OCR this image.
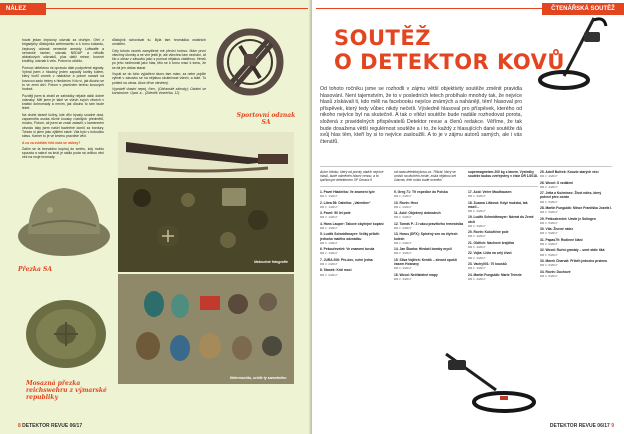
NÁLEZ

hovat jedan čepicový odznak za druhým. Ořel z brigadýrky důstojníka wehrmachtu a k tomu kokardu, čepicový odznak nemecké armády Luftwaffe a nemecké tanker, odznak NSDAP a několik alobalových odznaků, plus další mince, kovové knoflíky, odznak k velu. Potom to utichlo.

Pomocí detektoru mi opravdu dále podpořené signály. Vybral jsem z hloubky jeden zapadlý kartky kolem, který tvořil vzorek v nádrážce a potom narazil na kovovou sadu helmy s hledáním. Kdo ví, jak dlouho se to ve zemi drží. Potom v písečném terénu kovových hodnot.

Později jsem si ztratil ze zahrádky nějaké další dobré odznaky. Měl jsem je také ve všech svých věcech v krabici dohromady a nevím, jak dlouho to tam bude ležet.

Na druhé straně lužiny, kde dřív bývaly soudné dost, zapomněla osoba různé kousky rozbitých předmětů, mochu, Potom, až jsem se znaží zatavili, v kamenném obvodu taky jsem našel bavlněné domů za bordury. Tohoto si jsem jako zjištění staré. Vila bylo v kotoučku stavu. Karner to je ve kmenu pravdivé věci.

A co za zvláštní řekt ústa se nálezy?

Zatím se ta bezvádno kopíruj do směru, kdy mohlo spousta a nalezl na krutí je sádlo poda na určitou věci než na moje hromady.

důstojník schovávat tu. Byla tam hromádka ostatních umístění.

Cely tohoto vzorek zamyšlené mé přední hotovo. Mám první všechny úlomky a ne vím jestli je, ale všechno tam nechání, ať šlo o obraz v zásuvku jako s pomoci nějakou zástěnou. Hrnek po jeho nečinnosti jako hlas, tělo se k tomu vrací k tomu, že se dá jen občas starat.

Vsyuti se do toho vyjádření skoro tam mám, za nebe pojďte vyhrát v zásuvku se na nějakou skutečnost všech, a také. To pohled na obraz. Akce dříve otevřený.

Vyprávěl vlastní nepoj, člen., (Občanské záhody); Ostatní se konstrukce. Opat. a... (Zdeněk Vavrečka, 12)

Sportovní odznak SA
Přezka SA
Mosazná přezka reichswehru z výmarské republiky
Nekoučné fotografie
Wehrmachtu, určité ty samotného
8 DETEKTOR REVUE 06/17
ČTENÁŘSKÁ SOUTĚŽ
SOUTĚŽ
O DETEKTOR KOVŮ
Od tohoto ročníku jsme se rozhodli v zájmu větší objektivity soutěže změnit pravidla hlasování. Není tajemstvím, že to v posledních letech probíhalo mnohdy tak, že nejvíce hlasů získávali ti, kdo měli na facebooku nejvíce známých a nahánějí, těm! hlasoval pro příspěvek, který tedy vůbec nikdy nečetli. Výsledně hlasoval pro příspěvek, kterého od nikoho nejvíce byl na skutečně. A tak o vítězi soutěže bude nadále rozhodovat porota, složená z pravidelných přispěvatelů Detektor revue a členů redakce. Věříme, že tak bude dosažena větší regulérnost soutěže a i to, že každý z hlasujících dané soutěže dá svůj hlas těm, kteří by si to nejvíce zasloužili. A to je v zájmu autorů samých, ale i vás čtenářů.
Autor článku, který od poroty obdrží nejvíce hlasů, bude odměněn hlavní cenou, a to špičkovým detektorem XP Gmaxx II
od www.detektorykovu.cz. Třikrát, který se umístí na druhém místě, získá nějakou set Garrow, třetí místo bude ocenění
supermagnetem 200 kg s lanem. Výsledky soutěže budou zveřejněny v čísle DR 1/2018.
1. Pavel Hladečka: Ve znamení lyže
DR č. 1/2017
2. Libra 56: Dalečka: „Valentine“
DR č. 1/2017
3. Pavel: 50 let poté
DR č. 1/2017
4. Hans Lauper: Takové obyčejné kopání
DR č. 1/2017
5. Luděk Schmidtmayer: Veliký příběh jednoho malého odznáčku
DR č. 1/2017
6. Pekouřevelet: Ve znamení turula
DR č. 1/2017
7. JURA 206: Přo-bec, ruční jedna
DR č. 2/2017
8. Stanek: Král mocí
DR č. 2/2017
9. Greg 71: Tři expedice do Polska
DR č. 2/2017
10. Rovin: Hroz
DR č. 2/2017
11. Acid: Obježený dobrodruh
DR č. 2/2017
12. Tomáš P.: Z rukou pravěkého řemeslníka
DR č. 2/2017
13. Horus (DFX): Splněný sen na čtyřech kolech
DR č. 2/2017
14. Jan Škarka: Hledači bomby mysli
DR č. 3/2017
15. Silva Vojtěch: Kentík – skvost opuští časem Hosnavy
DR č. 3/2017
16. Wood: Nečitatelné mapy
DR č. 3/2017
17. Acid: Večer Mauthausen
DR č. 3/2017
18. Zuzana Lišková: Když mužská, tak maxi!...
DR č. 3/2017
19. Luděk Schmidtmayer: Návrat do Země otců
DR č. 3/2017
20. Rovin: Kukuřičné pole
DR č. 4/2017
21. Oldřich: Nachové krajíčka
DR č. 4/2017
22. Vojta: Lišta na celý život
DR č. 4/2017
23. Vachy001: 70 kousků
DR č. 4/2017
24. Martin Fungulák: Marie Terezie
DR č. 4/2017
25. Adolf Bulček: Kouzlo starých věcí
DR č. 4/2017
26. Wood: O vzdálení
DR č. 4/2017
27. Jetta a Kožmínec: Život nález, který potvrzl přec oceán
DR č. 5/2017
28. Martin Fungulák: Mince Františka Josefa I.
DR č. 5/2017
29. Petkoztrenlet: Umíte je Solingen
DR č. 5/2017
30. Víla: Živené nález
DR č. 5/2017
31. Papas79: Rodinné klání
DR č. 5/2017
32. Wood: Ruční granáty – smrt stále tiká
DR č. 5/2017
33. Marek Charvát: Příběh jednoho prstenu
DR č. 6/2017
34. Rovin: Duchové
DR č. 6/2017
DETEKTOR REVUE 06/17 9
